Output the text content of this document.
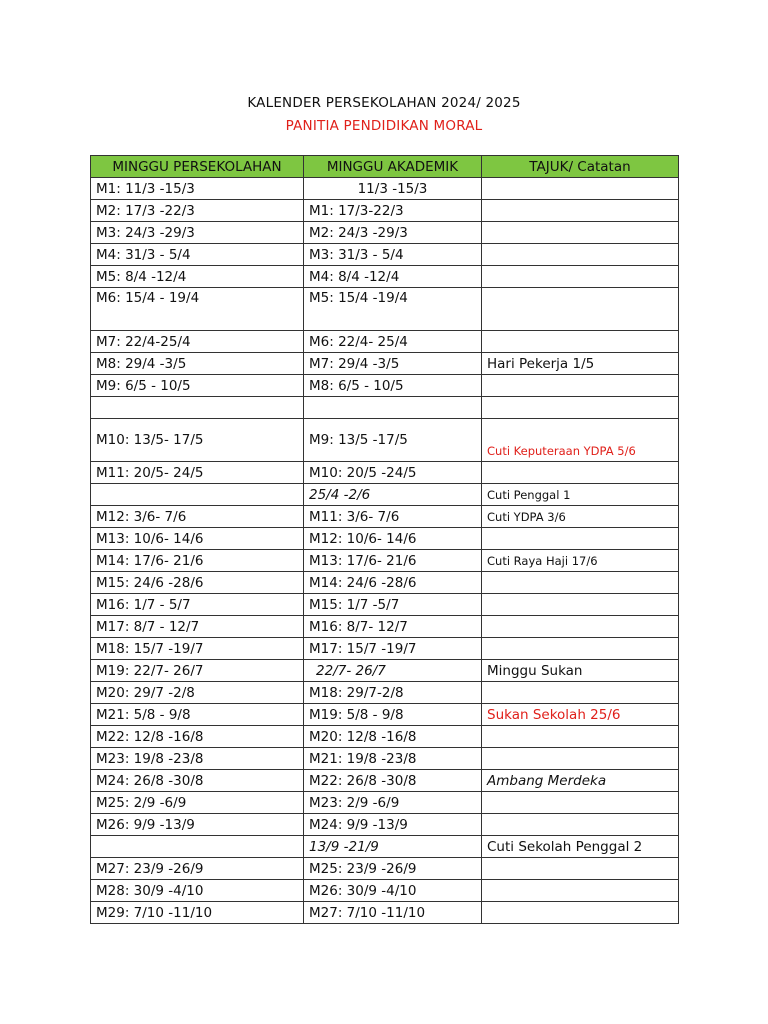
KALENDER PERSEKOLAHAN 2024/ 2025
PANITIA PENDIDIKAN MORAL
MINGGU PERSEKOLAHAN	MINGGU AKADEMIK	TAJUK/ Catatan
M1: 11/3 -15/3	11/3 -15/3	
M2: 17/3 -22/3	M1: 17/3-22/3	
M3: 24/3 -29/3	M2: 24/3 -29/3	
M4: 31/3 - 5/4	M3: 31/3 - 5/4	
M5: 8/4 -12/4	M4: 8/4 -12/4	
M6: 15/4 - 19/4	M5: 15/4 -19/4	
M7: 22/4-25/4	M6: 22/4- 25/4	
M8: 29/4 -3/5	M7: 29/4 -3/5	Hari Pekerja 1/5
M9: 6/5 - 10/5	M8: 6/5 - 10/5	

M10: 13/5- 17/5	M9: 13/5 -17/5	Cuti Keputeraan YDPA 5/6
M11: 20/5- 24/5	M10: 20/5 -24/5	
	25/4 -2/6	Cuti Penggal 1
M12: 3/6- 7/6	M11: 3/6- 7/6	Cuti YDPA 3/6
M13: 10/6- 14/6	M12: 10/6- 14/6	
M14: 17/6- 21/6	M13: 17/6- 21/6	Cuti Raya Haji 17/6
M15: 24/6 -28/6	M14: 24/6 -28/6	
M16: 1/7 - 5/7	M15: 1/7 -5/7	
M17: 8/7 - 12/7	M16: 8/7- 12/7	
M18: 15/7 -19/7	M17: 15/7 -19/7	
M19: 22/7- 26/7	22/7- 26/7	Minggu Sukan
M20: 29/7 -2/8	M18: 29/7-2/8	
M21: 5/8 - 9/8	M19: 5/8 - 9/8	Sukan Sekolah 25/6
M22: 12/8 -16/8	M20: 12/8 -16/8	
M23: 19/8 -23/8	M21: 19/8 -23/8	
M24: 26/8 -30/8	M22: 26/8 -30/8	Ambang Merdeka
M25: 2/9 -6/9	M23: 2/9 -6/9	
M26: 9/9 -13/9	M24: 9/9 -13/9	
	13/9 -21/9	Cuti Sekolah Penggal 2
M27: 23/9 -26/9	M25: 23/9 -26/9	
M28: 30/9 -4/10	M26: 30/9 -4/10	
M29: 7/10 -11/10	M27: 7/10 -11/10	
